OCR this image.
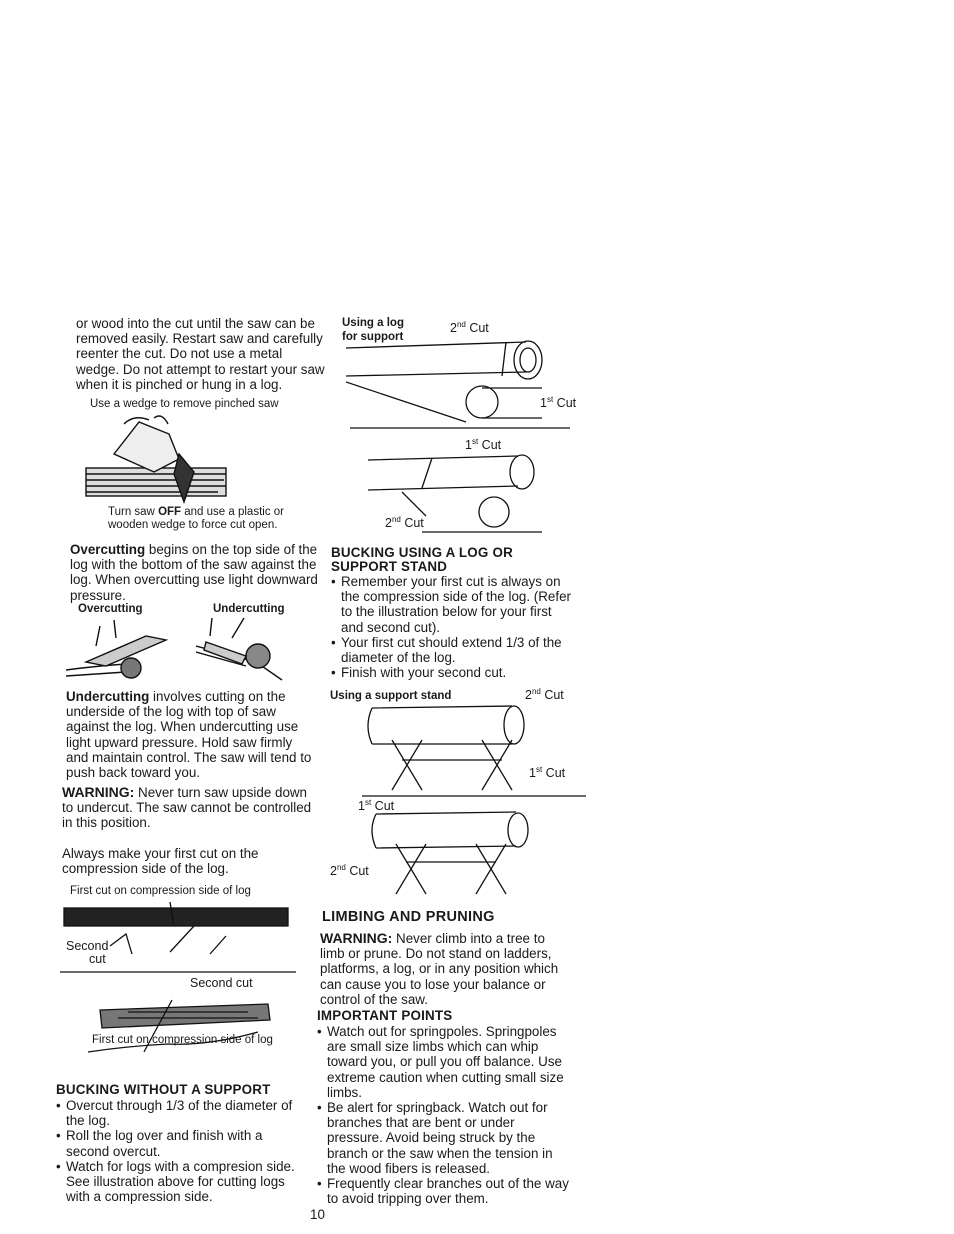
or wood into the cut until the saw can be removed easily. Restart saw and carefully reenter the cut. Do not use a metal wedge. Do not attempt to restart your saw when it is pinched or hung in a log.
Use a wedge to remove pinched saw
Turn saw OFF and use a plastic or wooden wedge to force cut open.
Overcutting begins on the top side of the log with the bottom of the saw against the log. When overcutting use light downward pressure.
Overcutting	Undercutting
Undercutting involves cutting on the underside of the log with top of saw against the log. When undercutting use light upward pressure. Hold saw firmly and maintain control. The saw will tend to push back toward you.
WARNING: Never turn saw upside down to undercut. The saw cannot be controlled in this position.
Always make your first cut on the compression side of the log.
First cut on compression side of log
Second
cut
Second cut
First cut on compression side of log
BUCKING WITHOUT A SUPPORT
• Overcut through 1/3 of the diameter of the log.
• Roll the log over and finish with a second overcut.
• Watch for logs with a compresion side. See illustration above for cutting logs with a compression side.
Using a log for support
2nd Cut
1st Cut
1st Cut
2nd Cut
BUCKING USING A LOG OR SUPPORT STAND
• Remember your first cut is always on the compression side of the log. (Refer to the illustration below for your first and second cut).
• Your first cut should extend 1/3 of the diameter of the log.
• Finish with your second cut.
Using a support stand	2nd Cut
1st Cut
1st Cut
2nd Cut
LIMBING AND PRUNING
WARNING: Never climb into a tree to limb or prune. Do not stand on ladders, platforms, a log, or in any position which can cause you to lose your balance or control of the saw.
IMPORTANT POINTS
• Watch out for springpoles. Springpoles are small size limbs which can whip toward you, or pull you off balance. Use extreme caution when cutting small size limbs.
• Be alert for springback. Watch out for branches that are bent or under pressure. Avoid being struck by the branch or the saw when the tension in the wood fibers is released.
• Frequently clear branches out of the way to avoid tripping over them.
10
